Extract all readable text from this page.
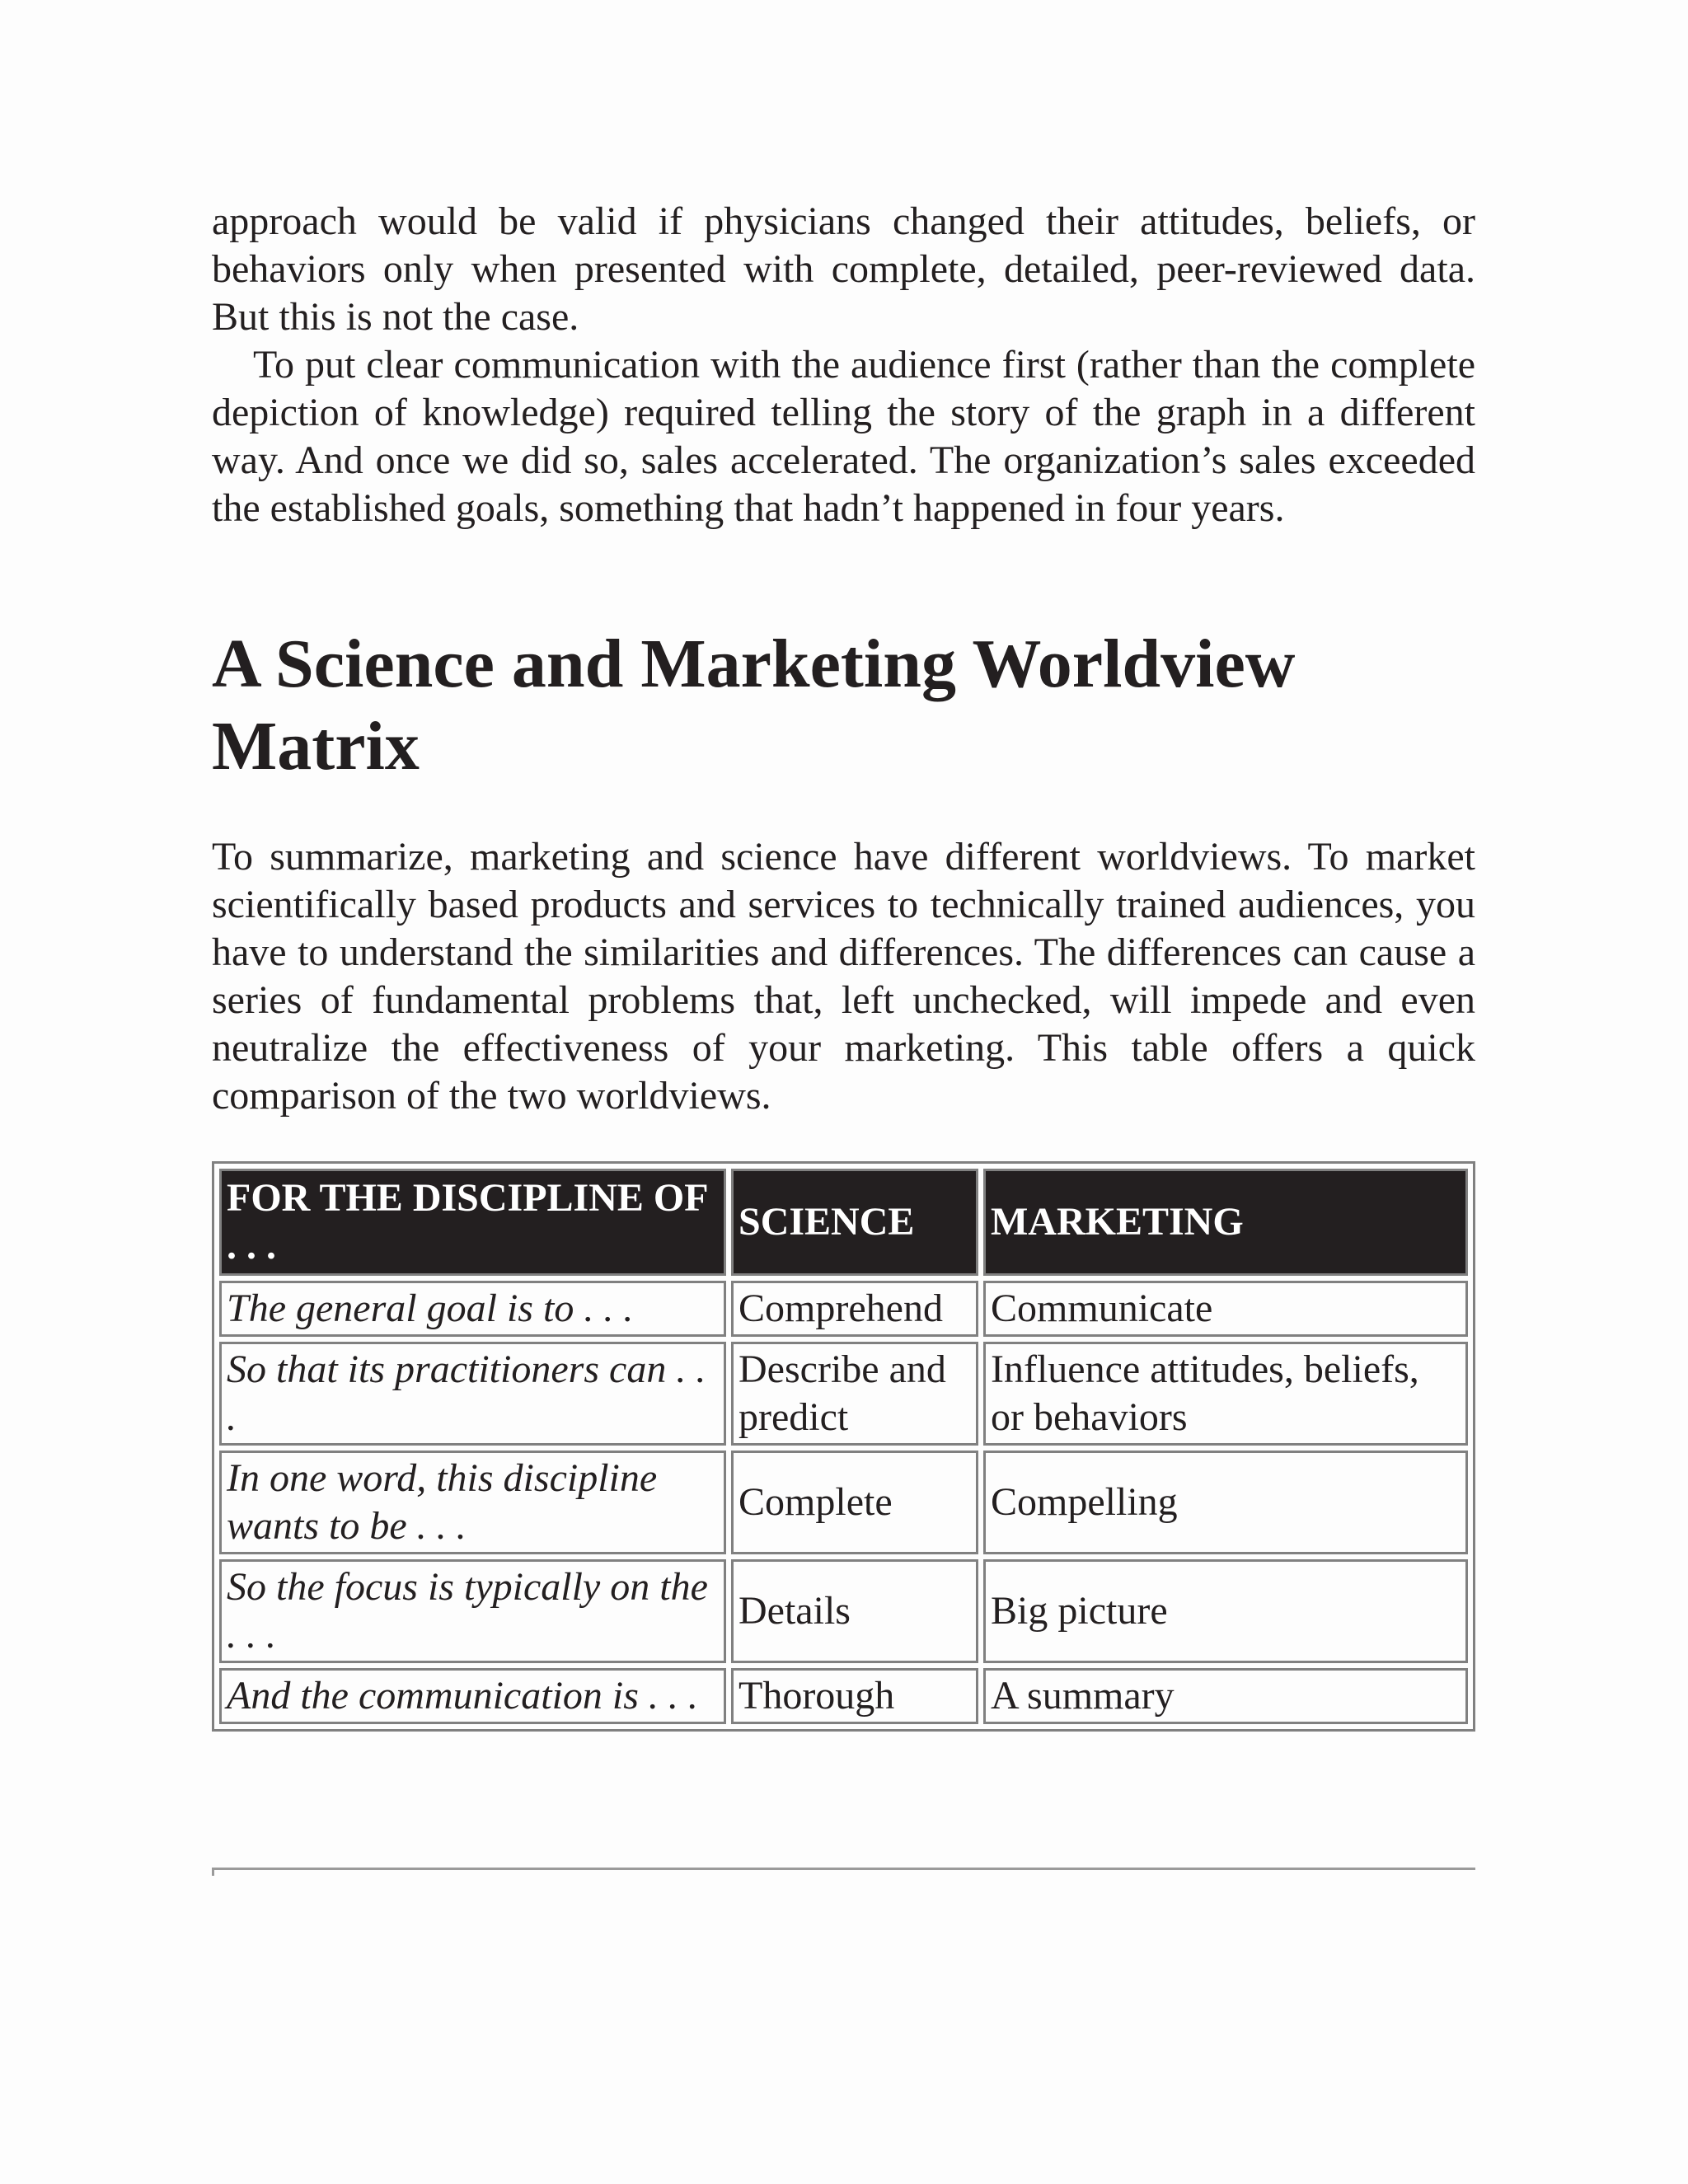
approach would be valid if physicians changed their attitudes, beliefs, or behaviors only when presented with complete, detailed, peer-reviewed data. But this is not the case.

To put clear communication with the audience first (rather than the complete depiction of knowledge) required telling the story of the graph in a different way. And once we did so, sales accelerated. The organization’s sales exceeded the established goals, something that hadn’t happened in four years.

A Science and Marketing Worldview Matrix

To summarize, marketing and science have different worldviews. To market scientifically based products and services to technically trained audiences, you have to understand the similarities and differences. The differences can cause a series of fundamental problems that, left unchecked, will impede and even neutralize the effectiveness of your marketing. This table offers a quick comparison of the two worldviews.

FOR THE DISCIPLINE OF . . .	SCIENCE	MARKETING
The general goal is to . . .	Comprehend	Communicate
So that its practitioners can . . .	Describe and predict	Influence attitudes, beliefs, or behaviors
In one word, this discipline wants to be . . .	Complete	Compelling
So the focus is typically on the . . .	Details	Big picture
And the communication is . . .	Thorough	A summary
